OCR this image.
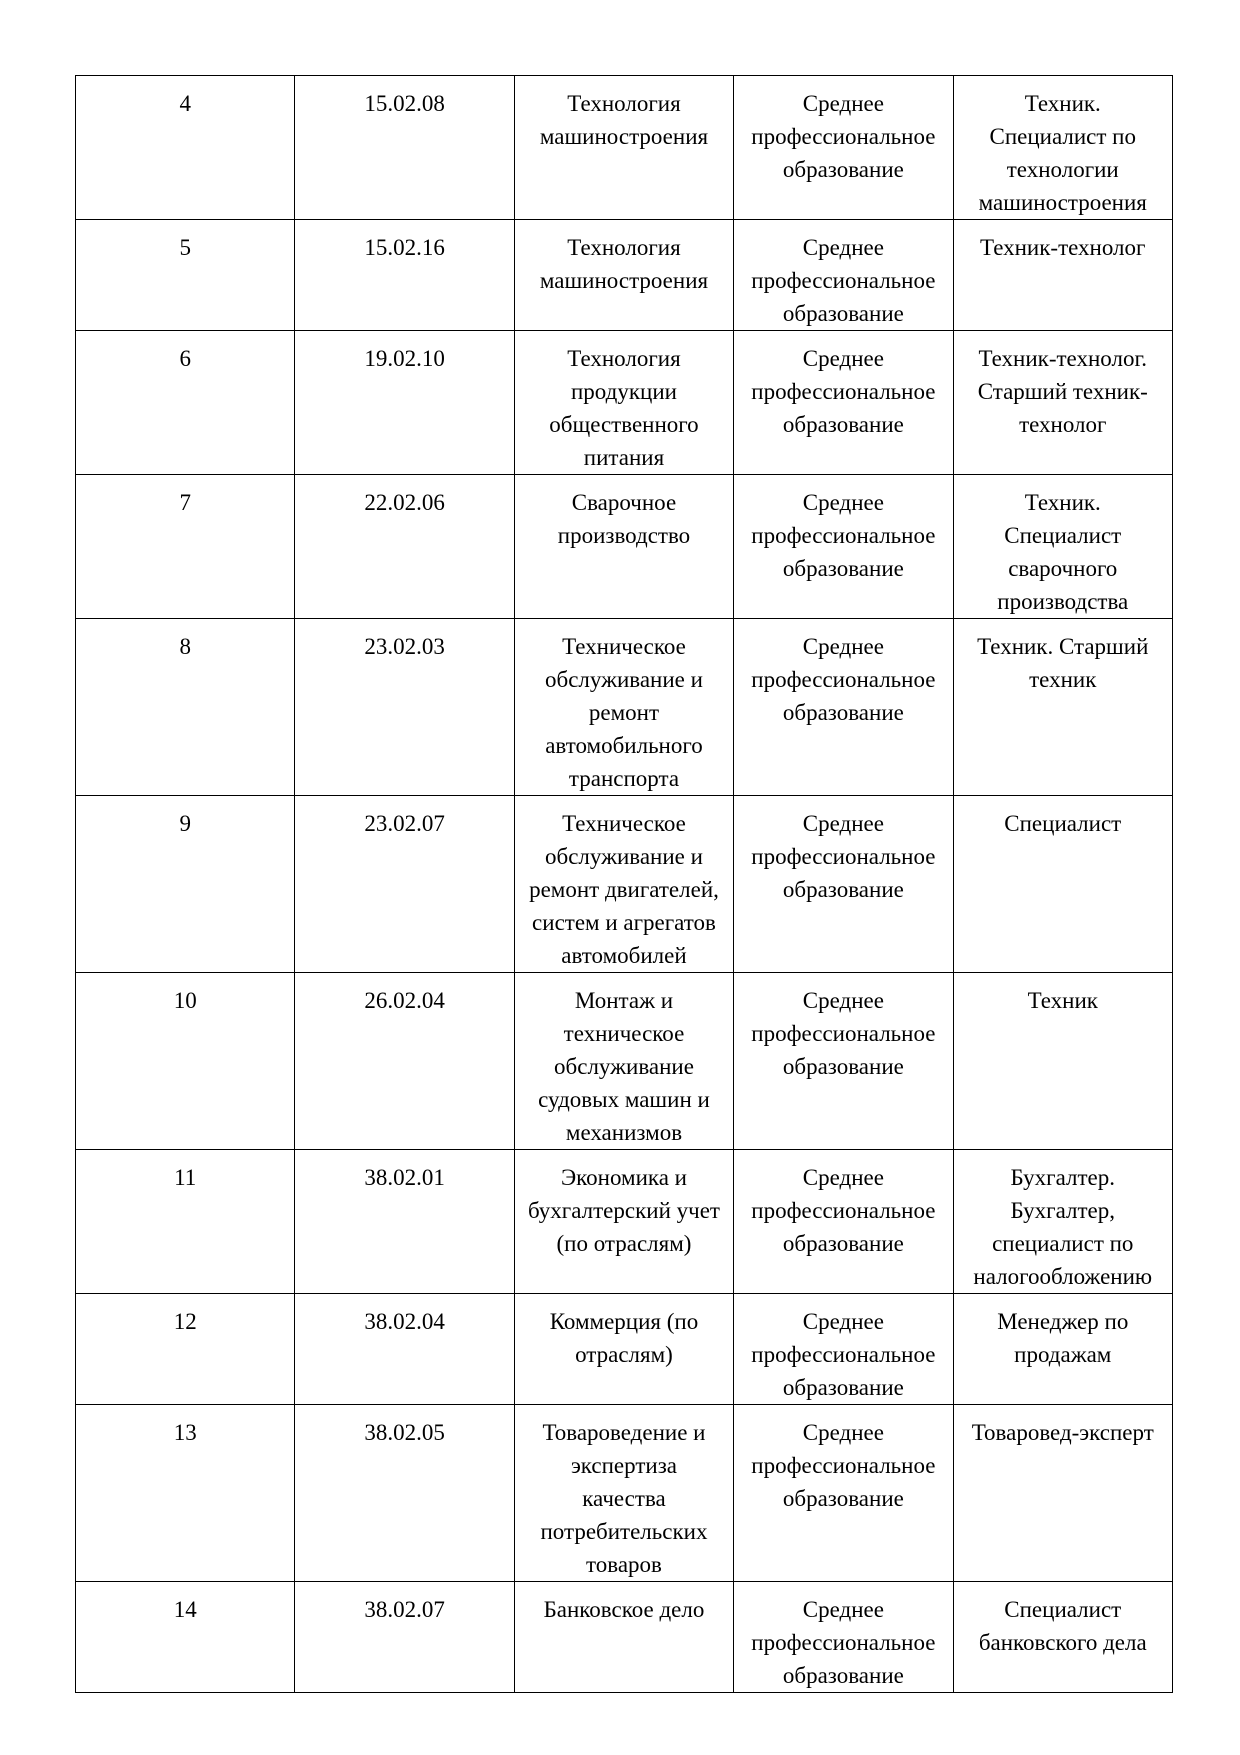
4	15.02.08	Технология
машиностроения	Среднее
профессиональное
образование	Техник.
Специалист по
технологии
машиностроения

5	15.02.16	Технология
машиностроения	Среднее
профессиональное
образование	Техник-технолог

6	19.02.10	Технология
продукции
общественного
питания	Среднее
профессиональное
образование	Техник-технолог.
Старший техник-
технолог

7	22.02.06	Сварочное
производство	Среднее
профессиональное
образование	Техник.
Специалист
сварочного
производства

8	23.02.03	Техническое
обслуживание и
ремонт
автомобильного
транспорта	Среднее
профессиональное
образование	Техник. Старший
техник

9	23.02.07	Техническое
обслуживание и
ремонт двигателей,
систем и агрегатов
автомобилей	Среднее
профессиональное
образование	Специалист

10	26.02.04	Монтаж и
техническое
обслуживание
судовых машин и
механизмов	Среднее
профессиональное
образование	Техник

11	38.02.01	Экономика и
бухгалтерский учет
(по отраслям)	Среднее
профессиональное
образование	Бухгалтер.
Бухгалтер,
специалист по
налогообложению

12	38.02.04	Коммерция (по
отраслям)	Среднее
профессиональное
образование	Менеджер по
продажам

13	38.02.05	Товароведение и
экспертиза
качества
потребительских
товаров	Среднее
профессиональное
образование	Товаровед-эксперт

14	38.02.07	Банковское дело	Среднее
профессиональное
образование	Специалист
банковского дела
